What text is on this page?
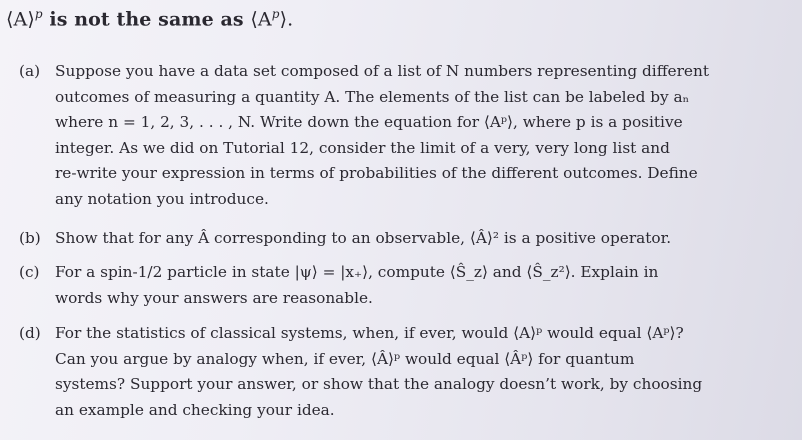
⟨A⟩$^p$ is not the same as $⟨A^p⟩$.
(a) Suppose you have a data set composed of a list of N numbers representing different
outcomes of measuring a quantity A. The elements of the list can be labeled by aₙ
where n = 1, 2, 3, . . . , N. Write down the equation for ⟨Aᵖ⟩, where p is a positive
integer. As we did on Tutorial 12, consider the limit of a very, very long list and
re-write your expression in terms of probabilities of the different outcomes. Define
any notation you introduce.
(b) Show that for any Â corresponding to an observable, ⟨Â⟩² is a positive operator.
(c) For a spin-1/2 particle in state |ψ⟩ = |x₊⟩, compute ⟨Ŝ_z⟩ and ⟨Ŝ_z²⟩. Explain in
words why your answers are reasonable.
(d) For the statistics of classical systems, when, if ever, would ⟨A⟩ᵖ would equal ⟨Aᵖ⟩?
Can you argue by analogy when, if ever, ⟨Â⟩ᵖ would equal ⟨Âᵖ⟩ for quantum
systems? Support your answer, or show that the analogy doesn’t work, by choosing
an example and checking your idea.
